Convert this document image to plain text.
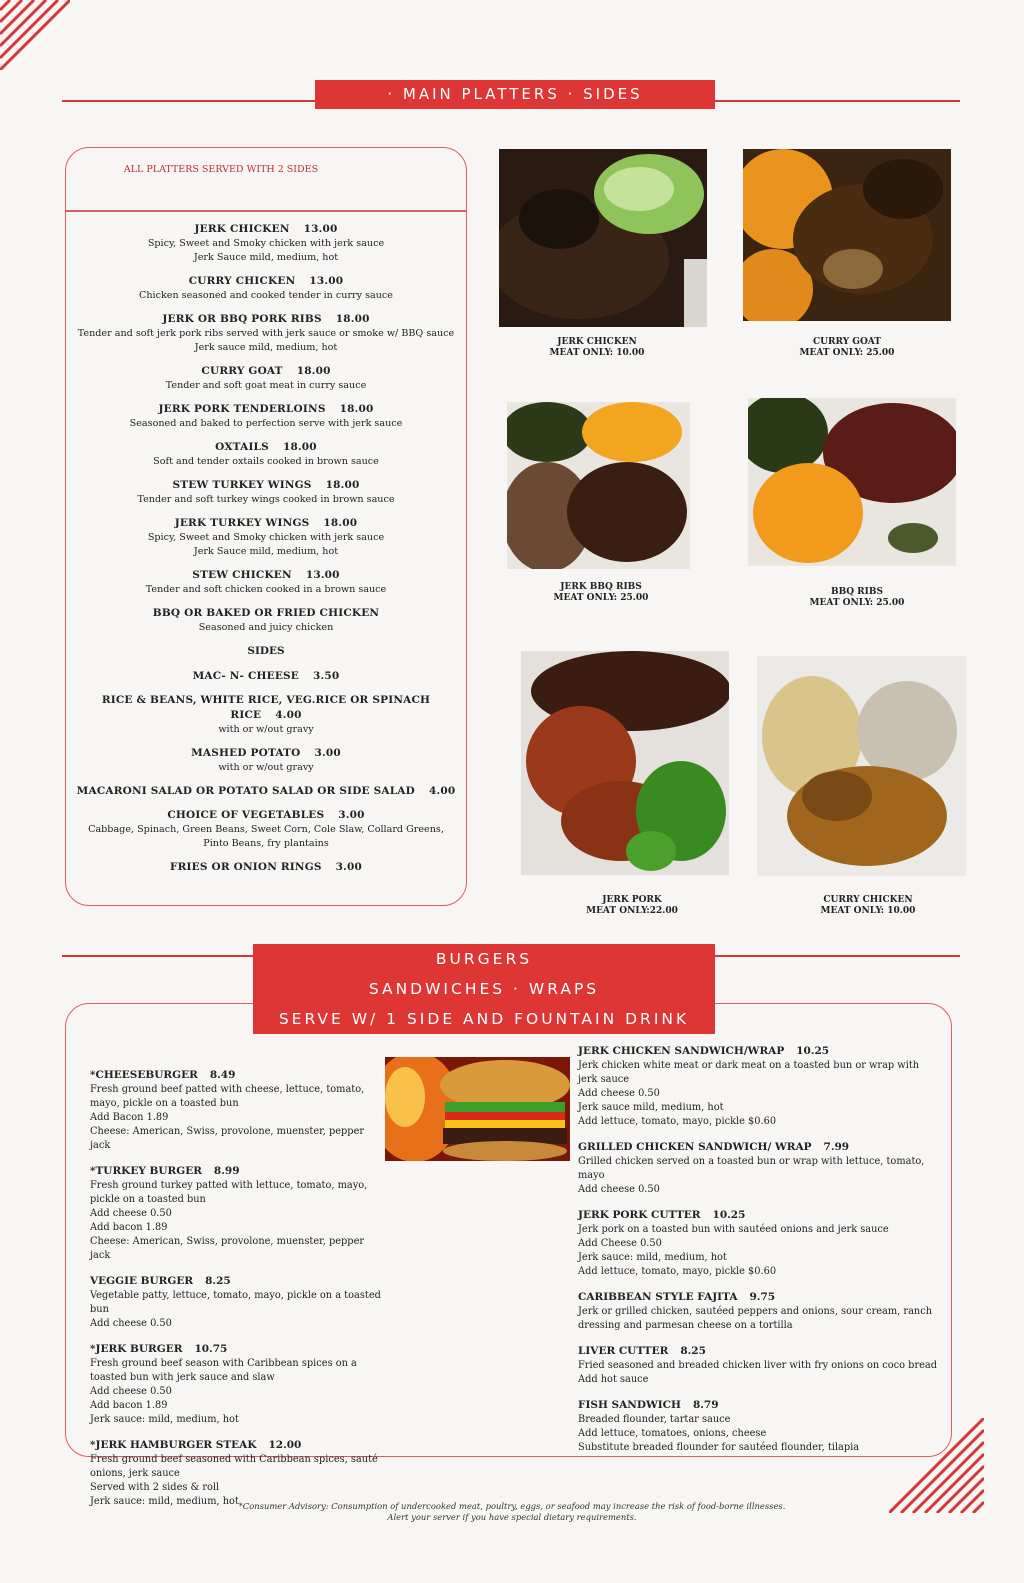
· MAIN PLATTERS · SIDES
ALL PLATTERS SERVED WITH 2 SIDES
JERK CHICKEN 13.00
Spicy, Sweet and Smoky chicken with jerk sauce
Jerk Sauce mild, medium, hot
CURRY CHICKEN 13.00
Chicken seasoned and cooked tender in curry sauce
JERK OR BBQ PORK RIBS 18.00
Tender and soft jerk pork ribs served with jerk sauce or smoke w/ BBQ sauce
Jerk sauce mild, medium, hot
CURRY GOAT 18.00
Tender and soft goat meat in curry sauce
JERK PORK TENDERLOINS 18.00
Seasoned and baked to perfection serve with jerk sauce
OXTAILS 18.00
Soft and tender oxtails cooked in brown sauce
STEW TURKEY WINGS 18.00
Tender and soft turkey wings cooked in brown sauce
JERK TURKEY WINGS 18.00
Spicy, Sweet and Smoky chicken with jerk sauce
Jerk Sauce mild, medium, hot
STEW CHICKEN 13.00
Tender and soft chicken cooked in a brown sauce
BBQ OR BAKED OR FRIED CHICKEN
Seasoned and juicy chicken
SIDES
MAC- N- CHEESE 3.50
RICE & BEANS, WHITE RICE, VEG.RICE OR SPINACH RICE 4.00
with or w/out gravy
MASHED POTATO 3.00
with or w/out gravy
MACARONI SALAD OR POTATO SALAD OR SIDE SALAD 4.00
CHOICE OF VEGETABLES 3.00
Cabbage, Spinach, Green Beans, Sweet Corn, Cole Slaw, Collard Greens,
Pinto Beans, fry plantains
FRIES OR ONION RINGS 3.00
JERK CHICKEN
MEAT ONLY: 10.00
CURRY GOAT
MEAT ONLY: 25.00
JERK BBQ RIBS
MEAT ONLY: 25.00
BBQ RIBS
MEAT ONLY: 25.00
JERK PORK
MEAT ONLY:22.00
CURRY CHICKEN
MEAT ONLY: 10.00
*CHEESEBURGER 8.49
Fresh ground beef patted with cheese, lettuce, tomato, mayo, pickle on a toasted bun
Add Bacon 1.89
Cheese: American, Swiss, provolone, muenster, pepper jack
*TURKEY BURGER 8.99
Fresh ground turkey patted with lettuce, tomato, mayo, pickle on a toasted bun
Add cheese 0.50
Add bacon 1.89
Cheese: American, Swiss, provolone, muenster, pepper jack
VEGGIE BURGER 8.25
Vegetable patty, lettuce, tomato, mayo, pickle on a toasted bun
Add cheese 0.50
*JERK BURGER 10.75
Fresh ground beef season with Caribbean spices on a toasted bun with jerk sauce and slaw
Add cheese 0.50
Add bacon 1.89
Jerk sauce: mild, medium, hot
*JERK HAMBURGER STEAK 12.00
Fresh ground beef seasoned with Caribbean spices, sauté onions, jerk sauce
Served with 2 sides & roll
Jerk sauce: mild, medium, hot
JERK CHICKEN SANDWICH/WRAP 10.25
Jerk chicken white meat or dark meat on a toasted bun or wrap with jerk sauce
Add cheese 0.50
Jerk sauce mild, medium, hot
Add lettuce, tomato, mayo, pickle $0.60
GRILLED CHICKEN SANDWICH/ WRAP 7.99
Grilled chicken served on a toasted bun or wrap with lettuce, tomato, mayo
Add cheese 0.50
JERK PORK CUTTER 10.25
Jerk pork on a toasted bun with sautéed onions and jerk sauce
Add Cheese 0.50
Jerk sauce: mild, medium, hot
Add lettuce, tomato, mayo, pickle $0.60
CARIBBEAN STYLE FAJITA 9.75
Jerk or grilled chicken, sautéed peppers and onions, sour cream, ranch dressing and parmesan cheese on a tortilla
LIVER CUTTER 8.25
Fried seasoned and breaded chicken liver with fry onions on coco bread
Add hot sauce
FISH SANDWICH 8.79
Breaded flounder, tartar sauce
Add lettuce, tomatoes, onions, cheese
Substitute breaded flounder for sautéed flounder, tilapia
BURGERS
SANDWICHES · WRAPS
SERVE W/ 1 SIDE AND FOUNTAIN DRINK
*Consumer Advisory: Consumption of undercooked meat, poultry, eggs, or seafood may increase the risk of food-borne illnesses.
Alert your server if you have special dietary requirements.
